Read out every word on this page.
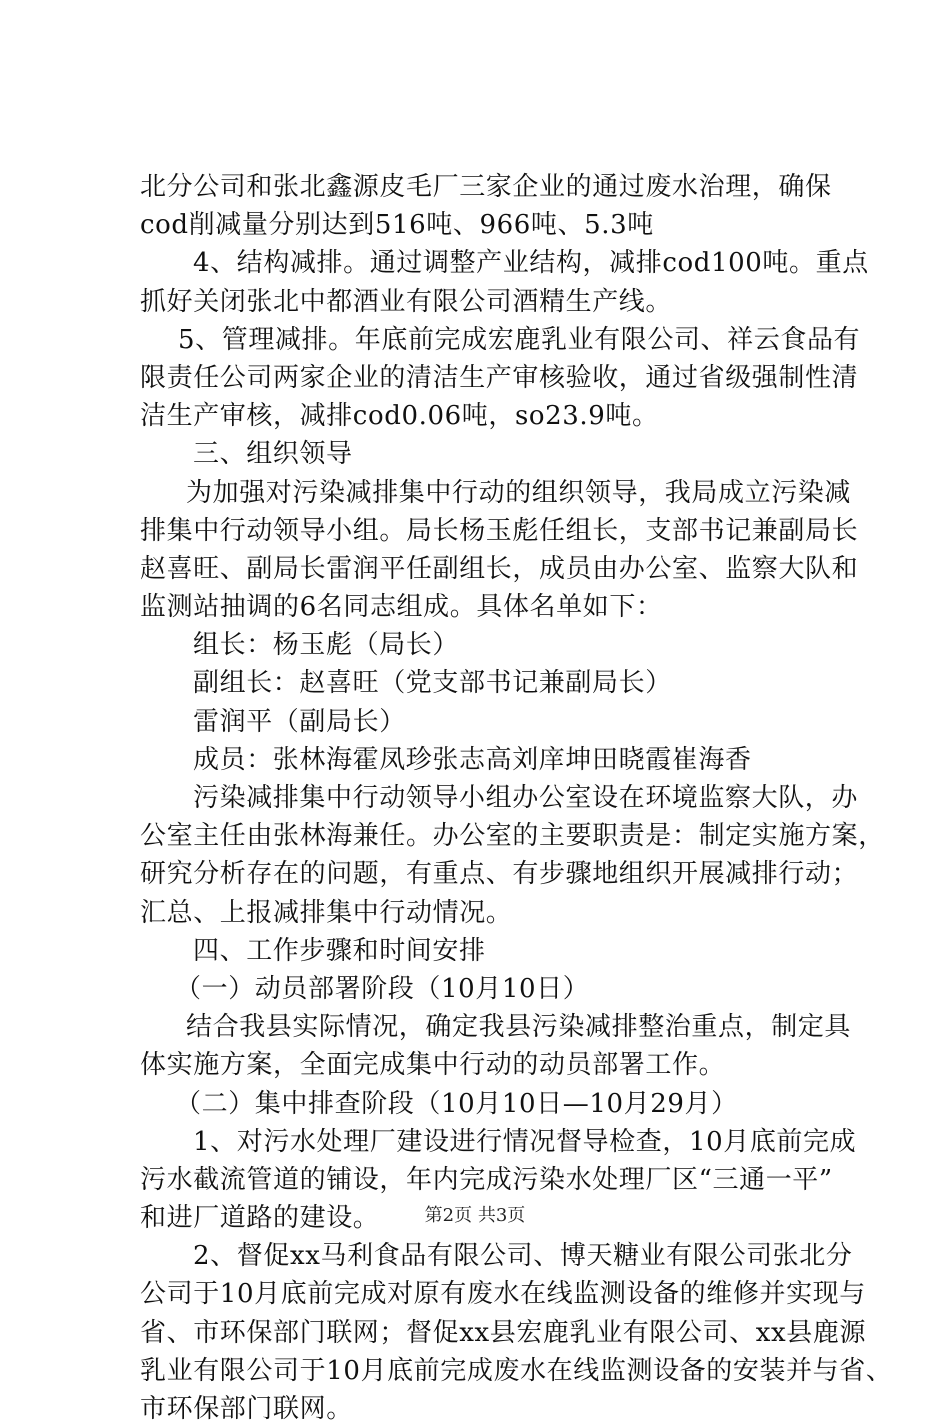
北分公司和张北鑫源皮毛厂三家企业的通过废水治理，确保
cod削减量分别达到516吨、966吨、5.3吨
4、结构减排。通过调整产业结构，减排cod100吨。重点
抓好关闭张北中都酒业有限公司酒精生产线。
5、管理减排。年底前完成宏鹿乳业有限公司、祥云食品有
限责任公司两家企业的清洁生产审核验收，通过省级强制性清
洁生产审核，减排cod0.06吨，so23.9吨。
三、组织领导
为加强对污染减排集中行动的组织领导，我局成立污染减
排集中行动领导小组。局长杨玉彪任组长，支部书记兼副局长
赵喜旺、副局长雷润平任副组长，成员由办公室、监察大队和
监测站抽调的6名同志组成。具体名单如下：
组长：杨玉彪（局长）
副组长：赵喜旺（党支部书记兼副局长）
雷润平（副局长）
成员：张林海霍凤珍张志高刘庠坤田晓霞崔海香
污染减排集中行动领导小组办公室设在环境监察大队，办
公室主任由张林海兼任。办公室的主要职责是：制定实施方案，
研究分析存在的问题，有重点、有步骤地组织开展减排行动；
汇总、上报减排集中行动情况。
四、工作步骤和时间安排
（一）动员部署阶段（10月10日）
结合我县实际情况，确定我县污染减排整治重点，制定具
体实施方案，全面完成集中行动的动员部署工作。
（二）集中排查阶段（10月10日—10月29月）
1、对污水处理厂建设进行情况督导检查，10月底前完成
污水截流管道的铺设，年内完成污染水处理厂区“三通一平”
和进厂道路的建设。
2、督促xx马利食品有限公司、博天糖业有限公司张北分
公司于10月底前完成对原有废水在线监测设备的维修并实现与
省、市环保部门联网；督促xx县宏鹿乳业有限公司、xx县鹿源
乳业有限公司于10月底前完成废水在线监测设备的安装并与省、
市环保部门联网。
第2页 共3页
